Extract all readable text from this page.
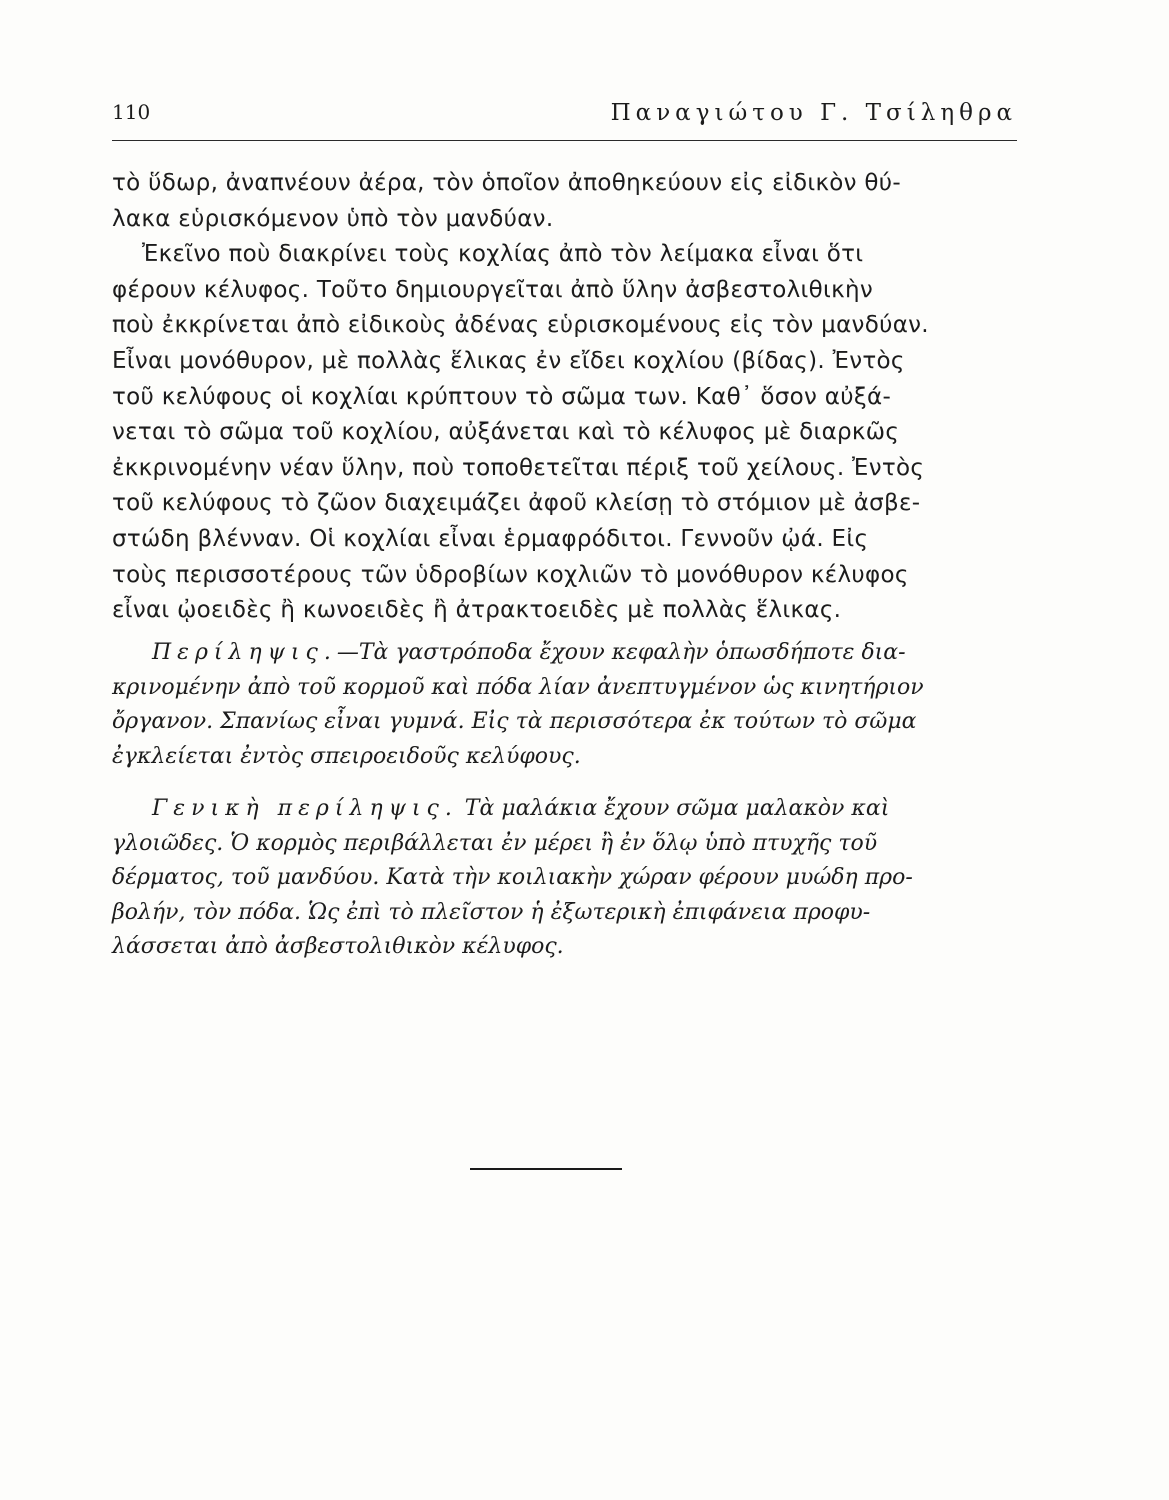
110	Παναγιώτου Γ. Τσίληθρα
τὸ ὕδωρ, ἀναπνέουν ἀέρα, τὸν ὁποῖον ἀποθηκεύουν εἰς εἰδικὸν θύ-
λακα εὑρισκόμενον ὑπὸ τὸν μανδύαν.
Ἐκεῖνο ποὺ διακρίνει τοὺς κοχλίας ἀπὸ τὸν λείμακα εἶναι ὅτι
φέρουν κέλυφος. Τοῦτο δημιουργεῖται ἀπὸ ὕλην ἀσβεστολιθικὴν
ποὺ ἐκκρίνεται ἀπὸ εἰδικοὺς ἀδένας εὑρισκομένους εἰς τὸν μανδύαν.
Εἶναι μονόθυρον, μὲ πολλὰς ἕλικας ἐν εἴδει κοχλίου (βίδας). Ἐντὸς
τοῦ κελύφους οἱ κοχλίαι κρύπτουν τὸ σῶμα των. Καθ᾽ ὅσον αὐξά-
νεται τὸ σῶμα τοῦ κοχλίου, αὐξάνεται καὶ τὸ κέλυφος μὲ διαρκῶς
ἐκκρινομένην νέαν ὕλην, ποὺ τοποθετεῖται πέριξ τοῦ χείλους. Ἐντὸς
τοῦ κελύφους τὸ ζῶον διαχειμάζει ἀφοῦ κλείσῃ τὸ στόμιον μὲ ἀσβε-
στώδη βλένναν. Οἱ κοχλίαι εἶναι ἑρμαφρόδιτοι. Γεννοῦν ᾠά. Εἰς
τοὺς περισσοτέρους τῶν ὑδροβίων κοχλιῶν τὸ μονόθυρον κέλυφος
εἶναι ᾠοειδὲς ἢ κωνοειδὲς ἢ ἀτρακτοειδὲς μὲ πολλὰς ἕλικας.
Περίληψις.—Τὰ γαστρόποδα ἔχουν κεφαλὴν ὁπωσδήποτε δια-
κρινομένην ἀπὸ τοῦ κορμοῦ καὶ πόδα λίαν ἀνεπτυγμένον ὡς κινητήριον
ὄργανον. Σπανίως εἶναι γυμνά. Εἰς τὰ περισσότερα ἐκ τούτων τὸ σῶμα
ἐγκλείεται ἐντὸς σπειροειδοῦς κελύφους.
Γενικὴ περίληψις. Τὰ μαλάκια ἔχουν σῶμα μαλακὸν καὶ
γλοιῶδες. Ὁ κορμὸς περιβάλλεται ἐν μέρει ἢ ἐν ὅλῳ ὑπὸ πτυχῆς τοῦ
δέρματος, τοῦ μανδύου. Κατὰ τὴν κοιλιακὴν χώραν φέρουν μυώδη προ-
βολήν, τὸν πόδα. Ὡς ἐπὶ τὸ πλεῖστον ἡ ἐξωτερικὴ ἐπιφάνεια προφυ-
λάσσεται ἀπὸ ἀσβεστολιθικὸν κέλυφος.
